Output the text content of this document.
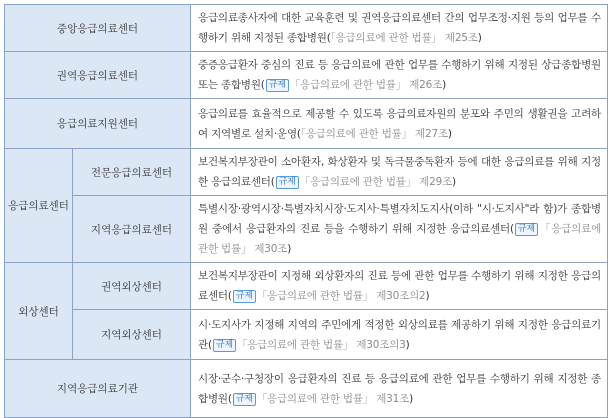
중앙응급의료센터		응급의료종사자에 대한 교육훈련 및 권역응급의료센터 간의 업무조정·지원 등의 업무를 수행하기 위해 지정된 종합병원(「응급의료에 관한 법률」 제25조)
권역응급의료센터		중증응급환자 중심의 진료 등 응급의료에 관한 업무를 수행하기 위해 지정된 상급종합병원 또는 종합병원( 규제 「응급의료에 관한 법률」 제26조)
응급의료지원센터		응급의료를 효율적으로 제공할 수 있도록 응급의료자원의 분포와 주민의 생활권을 고려하여 지역별로 설치·운영(「응급의료에 관한 법률」 제27조)
응급의료센터	전문응급의료센터	보건복지부장관이 소아환자, 화상환자 및 독극물중독환자 등에 대한 응급의료를 위해 지정한 응급의료센터( 규제 「응급의료에 관한 법률」 제29조)
	지역응급의료센터	특별시장·광역시장·특별자치시장·도지사·특별자치도지사(이하 "시·도지사"라 함)가 종합병원 중에서 응급환자의 진료 등을 수행하기 위해 지정한 응급의료센터( 규제 「응급의료에 관한 법률」 제30조)
외상센터	권역외상센터	보건복지부장관이 지정해 외상환자의 진료 등에 관한 업무를 수행하기 위해 지정한 응급의료센터( 규제 「응급의료에 관한 법률」 제30조의2)
	지역외상센터	시·도지사가 지정해 지역의 주민에게 적정한 외상의료를 제공하기 위해 지정한 응급의료기관( 규제 「응급의료에 관한 법률」 제30조의3)
지역응급의료기관		시장·군수·구청장이 응급환자의 진료 등 응급의료에 관한 업무를 수행하기 위해 지정한 종합병원( 규제 「응급의료에 관한 법률」 제31조)
